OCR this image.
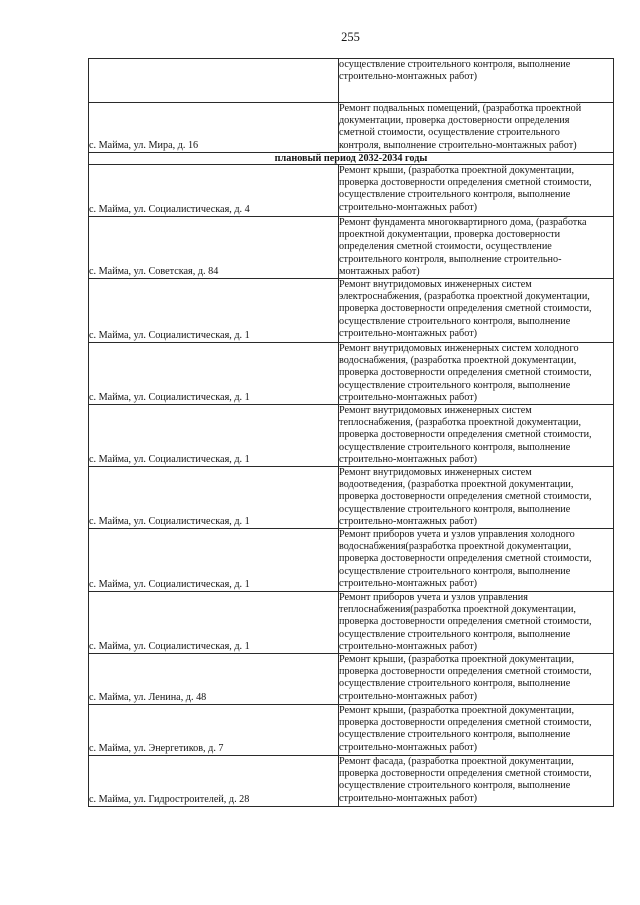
255

	осуществление строительного контроля, выполнение
строительно-монтажных работ)

с. Майма, ул. Мира, д. 16	Ремонт подвальных помещений, (разработка проектной
документации, проверка достоверности определения
сметной стоимости, осуществление строительного
контроля, выполнение строительно-монтажных работ)

плановый период 2032-2034 годы	
с. Майма, ул. Социалистическая, д. 4	Ремонт крыши, (разработка проектной документации,
проверка достоверности определения сметной стоимости,
осуществление строительного контроля, выполнение
строительно-монтажных работ)

с. Майма, ул. Советская, д. 84	Ремонт фундамента многоквартирного дома, (разработка
проектной документации, проверка достоверности
определения сметной стоимости, осуществление
строительного контроля, выполнение строительно-
монтажных работ)

с. Майма, ул. Социалистическая, д. 1	Ремонт внутридомовых инженерных систем
электроснабжения, (разработка проектной документации,
проверка достоверности определения сметной стоимости,
осуществление строительного контроля, выполнение
строительно-монтажных работ)

с. Майма, ул. Социалистическая, д. 1	Ремонт внутридомовых инженерных систем холодного
водоснабжения, (разработка проектной документации,
проверка достоверности определения сметной стоимости,
осуществление строительного контроля, выполнение
строительно-монтажных работ)

с. Майма, ул. Социалистическая, д. 1	Ремонт внутридомовых инженерных систем
теплоснабжения, (разработка проектной документации,
проверка достоверности определения сметной стоимости,
осуществление строительного контроля, выполнение
строительно-монтажных работ)

с. Майма, ул. Социалистическая, д. 1	Ремонт внутридомовых инженерных систем
водоотведения, (разработка проектной документации,
проверка достоверности определения сметной стоимости,
осуществление строительного контроля, выполнение
строительно-монтажных работ)

с. Майма, ул. Социалистическая, д. 1	Ремонт приборов учета и узлов управления холодного
водоснабжения(разработка проектной документации,
проверка достоверности определения сметной стоимости,
осуществление строительного контроля, выполнение
строительно-монтажных работ)

с. Майма, ул. Социалистическая, д. 1	Ремонт приборов учета и узлов управления
теплоснабжения(разработка проектной документации,
проверка достоверности определения сметной стоимости,
осуществление строительного контроля, выполнение
строительно-монтажных работ)

с. Майма, ул. Ленина, д. 48	Ремонт крыши, (разработка проектной документации,
проверка достоверности определения сметной стоимости,
осуществление строительного контроля, выполнение
строительно-монтажных работ)

с. Майма, ул. Энергетиков, д. 7	Ремонт крыши, (разработка проектной документации,
проверка достоверности определения сметной стоимости,
осуществление строительного контроля, выполнение
строительно-монтажных работ)

с. Майма, ул. Гидростроителей, д. 28	Ремонт фасада, (разработка проектной документации,
проверка достоверности определения сметной стоимости,
осуществление строительного контроля, выполнение
строительно-монтажных работ)
